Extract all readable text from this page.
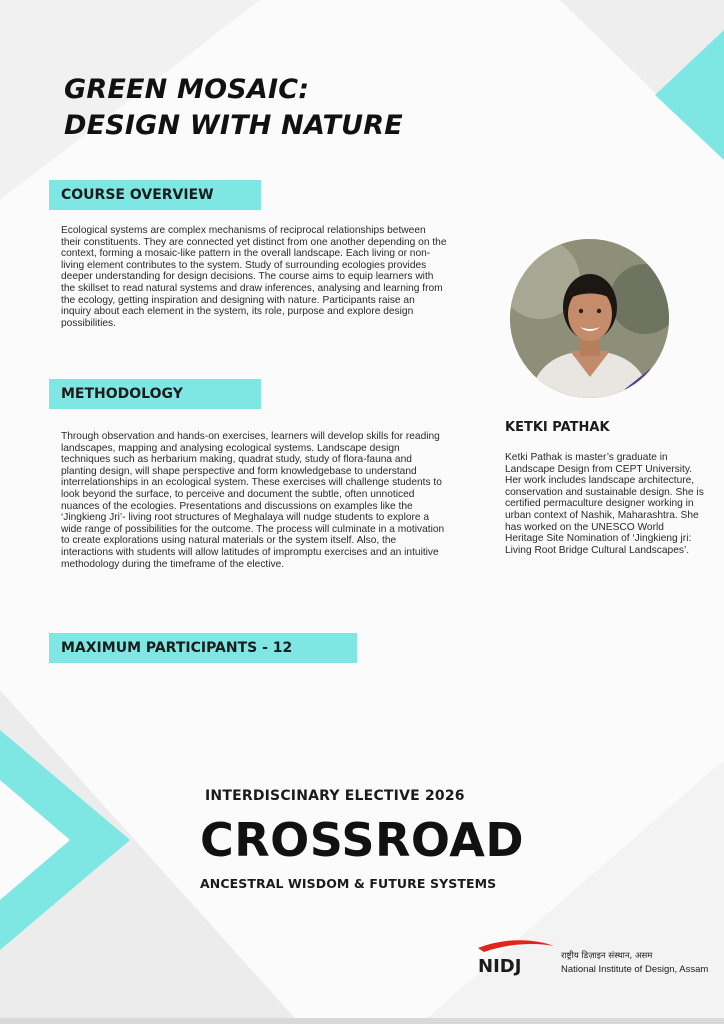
GREEN MOSAIC:
DESIGN WITH NATURE
COURSE OVERVIEW

Ecological systems are complex mechanisms of reciprocal relationships between their constituents. They are connected yet distinct from one another depending on the context, forming a mosaic-like pattern in the overall landscape. Each living or non-living element contributes to the system. Study of surrounding ecologies provides deeper understanding for design decisions. The course aims to equip learners with the skillset to read natural systems and draw inferences, analysing and learning from the ecology, getting inspiration and designing with nature. Participants raise an inquiry about each element in the system, its role, purpose and explore design possibilities.

METHODOLOGY

Through observation and hands-on exercises, learners will develop skills for reading landscapes, mapping and analysing ecological systems. Landscape design techniques such as herbarium making, quadrat study, study of flora-fauna and planting design, will shape perspective and form knowledgebase to understand interrelationships in an ecological system. These exercises will challenge students to look beyond the surface, to perceive and document the subtle, often unnoticed nuances of the ecologies. Presentations and discussions on examples like the ‘Jingkieng Jri’- living root structures of Meghalaya will nudge students to explore a wide range of possibilities for the outcome. The process will culminate in a motivation to create explorations using natural materials or the system itself. Also, the interactions with students will allow latitudes of impromptu exercises and an intuitive methodology during the timeframe of the elective.

MAXIMUM PARTICIPANTS - 12

KETKI PATHAK

Ketki Pathak is master’s graduate in Landscape Design from CEPT University. Her work includes landscape architecture, conservation and sustainable design. She is certified permaculture designer working in urban context of Nashik, Maharashtra. She has worked on the UNESCO World Heritage Site Nomination of ‘Jingkieng jri: Living Root Bridge Cultural Landscapes’.

INTERDISCINARY ELECTIVE 2026

CROSSROAD

ANCESTRAL WISDOM & FUTURE SYSTEMS

NIDJ	राष्ट्रीय डिज़ाइन संस्थान, असम

National Institute of Design, Assam
